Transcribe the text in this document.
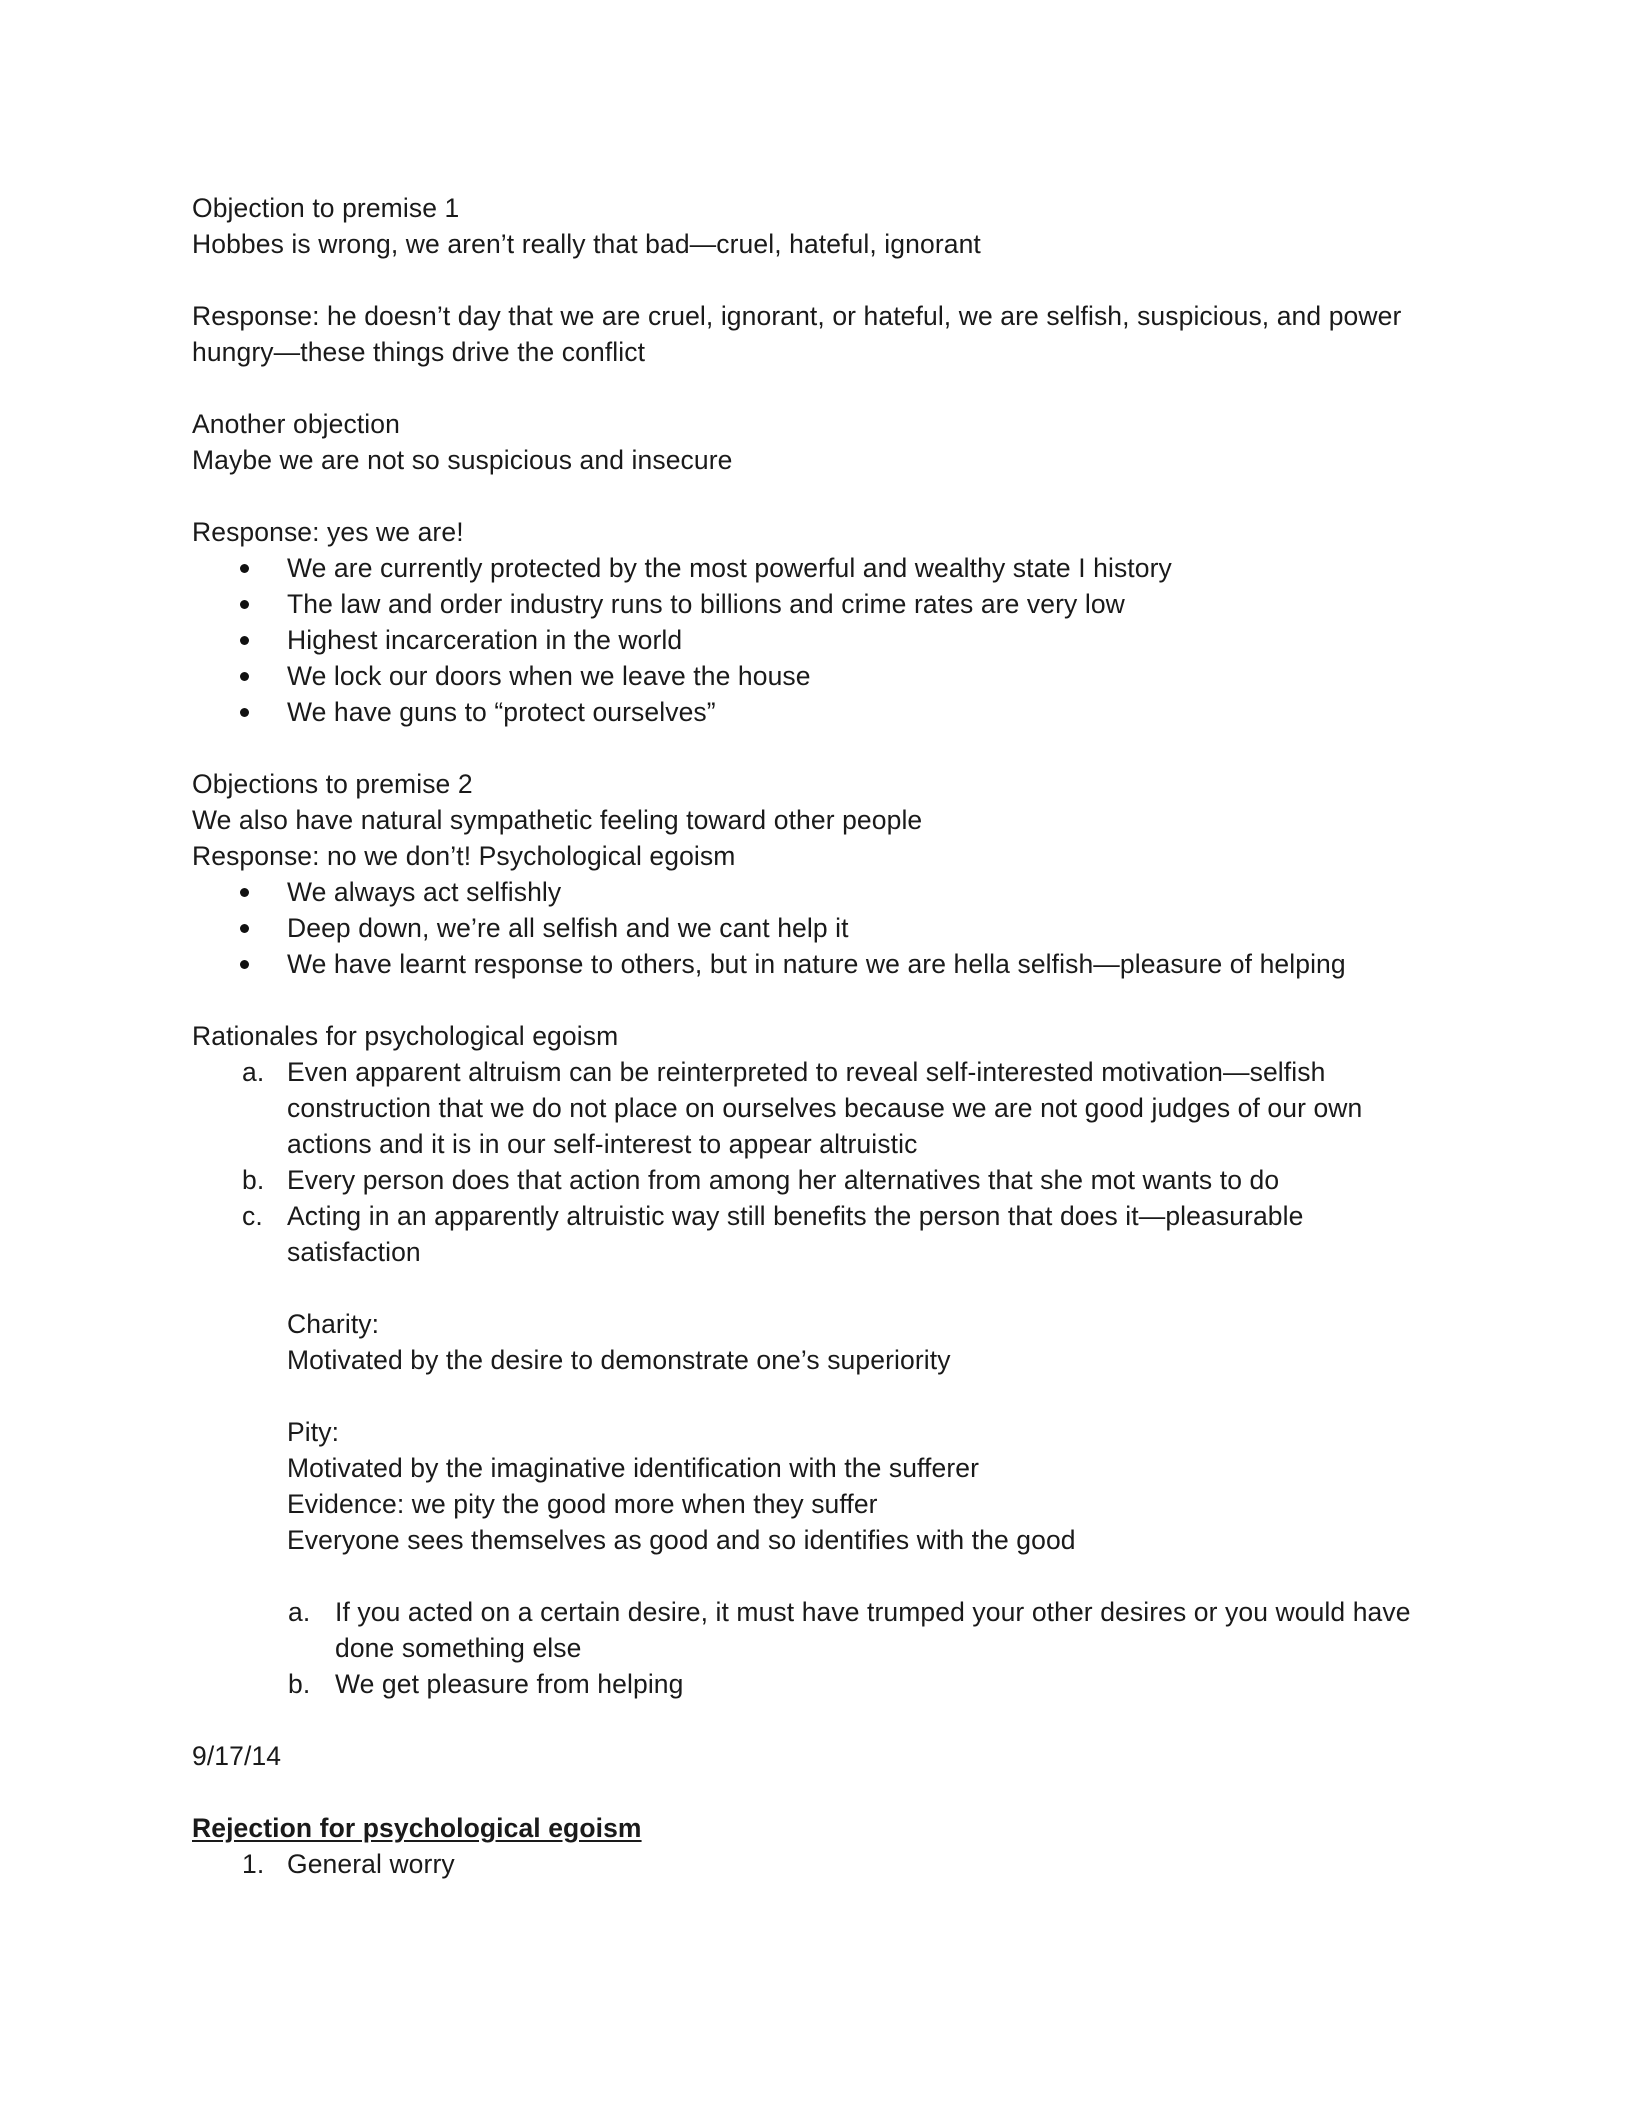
Objection to premise 1
Hobbes is wrong, we aren’t really that bad—cruel, hateful, ignorant
Response: he doesn’t day that we are cruel, ignorant, or hateful, we are selfish, suspicious, and power hungry—these things drive the conflict
Another objection
Maybe we are not so suspicious and insecure
Response: yes we are!
We are currently protected by the most powerful and wealthy state I history
The law and order industry runs to billions and crime rates are very low
Highest incarceration in the world
We lock our doors when we leave the house
We have guns to “protect ourselves”
Objections to premise 2
We also have natural sympathetic feeling toward other people
Response: no we don’t! Psychological egoism
We always act selfishly
Deep down, we’re all selfish and we cant help it
We have learnt response to others, but in nature we are hella selfish—pleasure of helping
Rationales for psychological egoism
a. Even apparent altruism can be reinterpreted to reveal self-interested motivation—selfish construction that we do not place on ourselves because we are not good judges of our own actions and it is in our self-interest to appear altruistic
b. Every person does that action from among her alternatives that she mot wants to do
c. Acting in an apparently altruistic way still benefits the person that does it—pleasurable satisfaction
Charity:
Motivated by the desire to demonstrate one’s superiority
Pity:
Motivated by the imaginative identification with the sufferer
Evidence: we pity the good more when they suffer
Everyone sees themselves as good and so identifies with the good
a. If you acted on a certain desire, it must have trumped your other desires or you would have done something else
b. We get pleasure from helping
9/17/14
Rejection for psychological egoism
1. General worry
